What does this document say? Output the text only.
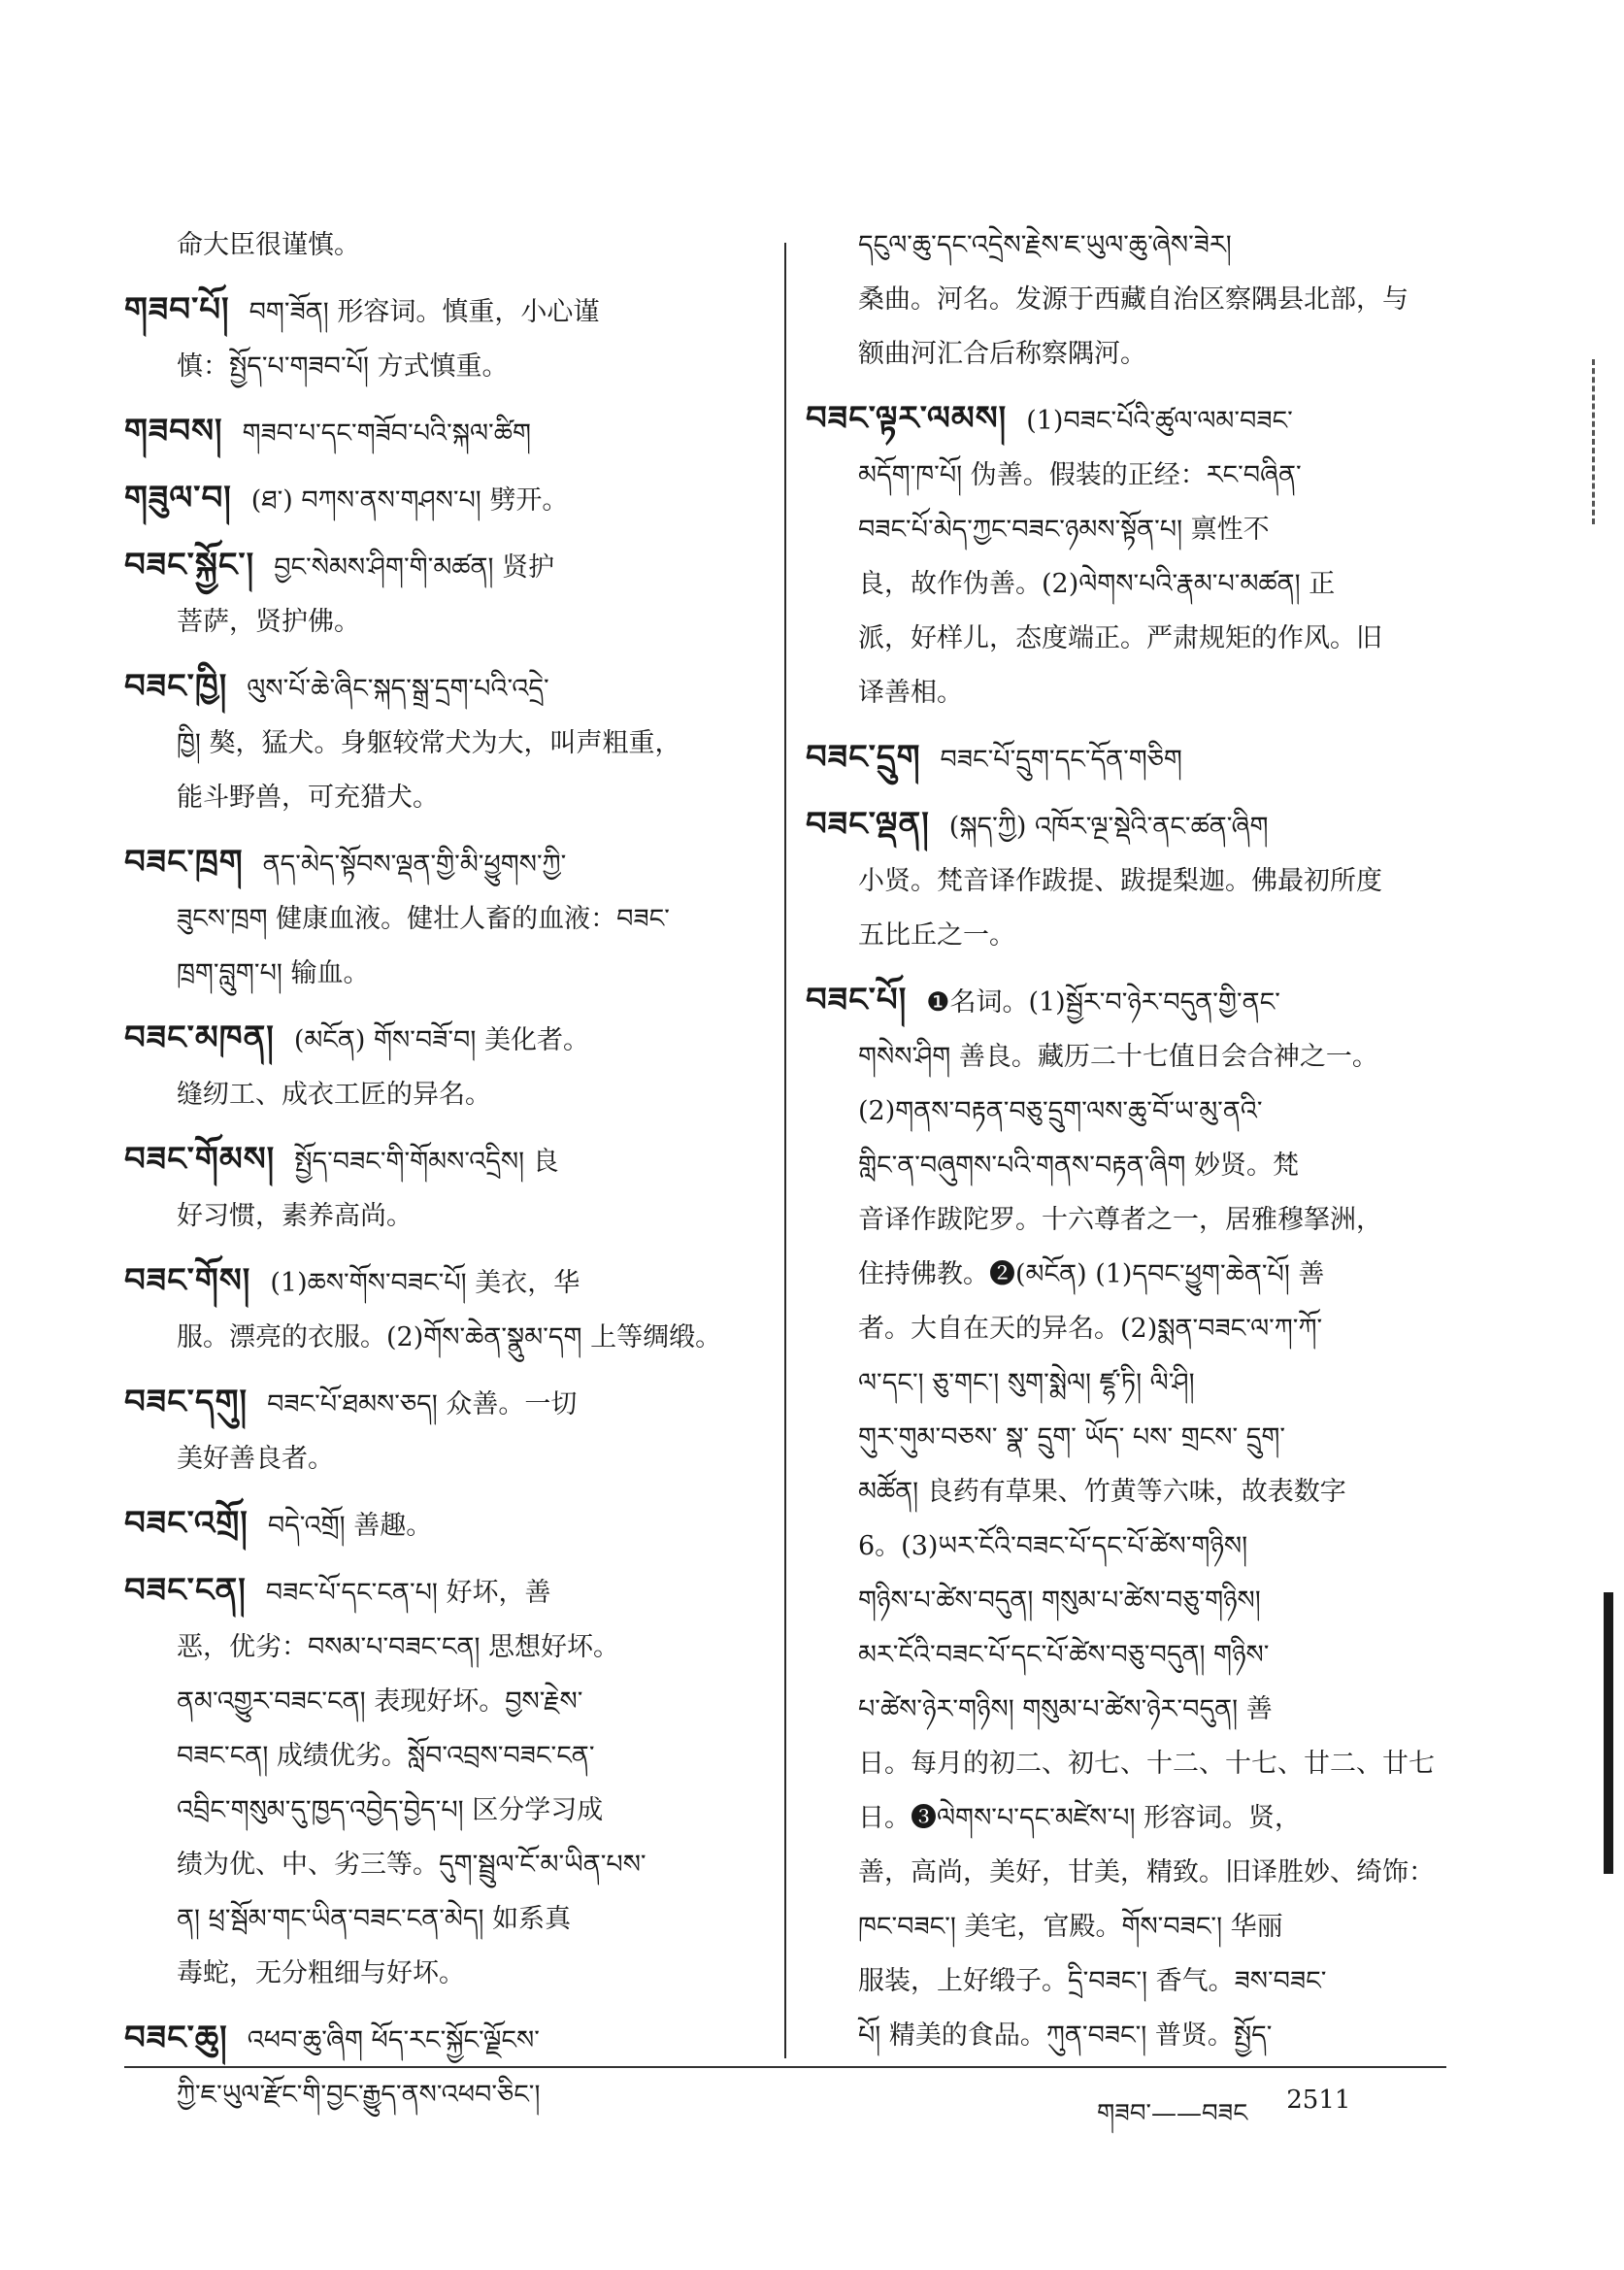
命大臣很谨慎。
གཟབ་པོ། བག་ཟོན། 形容词。慎重，小心谨
慎：སྤྱོད་པ་གཟབ་པོ། 方式慎重。
གཟབས། གཟབ་པ་དང་གཟོབ་པའི་སྐལ་ཚིག
གཟུལ་བ། (ཐ་) བཀས་ནས་གཤས་པ། 劈开。
བཟང་སྐྱོང་། བྱང་སེམས་ཤིག་གི་མཚན། 贤护
菩萨，贤护佛。
བཟང་ཁྱི། ལུས་པོ་ཆེ་ཞིང་སྐད་སྒྲ་དྲག་པའི་འདྲེ་
ཁྱི། 獒，猛犬。身躯较常犬为大，叫声粗重，
能斗野兽，可充猎犬。
བཟང་ཁྲག ནད་མེད་སྟོབས་ལྡན་གྱི་མི་ཕྱུགས་ཀྱི་
ཟུངས་ཁྲག 健康血液。健壮人畜的血液：བཟང་
ཁྲག་བླུག་པ། 输血。
བཟང་མཁན། (མངོན) གོས་བཟོ་བ། 美化者。
缝纫工、成衣工匠的异名。
བཟང་གོམས། སྤྱོད་བཟང་གི་གོམས་འདྲིས། 良
好习惯，素养高尚。
བཟང་གོས། (1)ཆས་གོས་བཟང་པོ། 美衣，华
服。漂亮的衣服。(2)གོས་ཆེན་སྣུམ་དག 上等绸缎。
བཟང་དགུ། བཟང་པོ་ཐམས་ཅད། 众善。一切
美好善良者。
བཟང་འགྲོ། བདེ་འགྲོ། 善趣。
བཟང་ངན། བཟང་པོ་དང་ངན་པ། 好坏，善
恶，优劣：བསམ་པ་བཟང་ངན། 思想好坏。
ནམ་འགྱུར་བཟང་ངན། 表现好坏。བྱས་རྗེས་
བཟང་ངན། 成绩优劣。སློབ་འབྲས་བཟང་ངན་
འབྲིང་གསུམ་དུ་ཁྱད་འབྱེད་བྱེད་པ། 区分学习成
绩为优、中、劣三等。དུག་སྦྲུལ་ངོ་མ་ཡིན་པས་
ན། ཕྲ་སྦོམ་གང་ཡིན་བཟང་ངན་མེད། 如系真
毒蛇，无分粗细与好坏。
བཟང་ཆུ། འཕབ་ཆུ་ཞིག ཕོད་རང་སྐྱོང་ལྗོངས་
ཀྱི་ཇ་ཡུལ་རྫོང་གི་བྱང་རྒྱུད་ནས་འཕབ་ཅིང་།
དངུལ་ཆུ་དང་འདྲེས་རྗེས་ཇ་ཡུལ་ཆུ་ཞེས་ཟེར།
桑曲。河名。发源于西藏自治区察隅县北部，与
额曲河汇合后称察隅河。
བཟང་ལྟར་ལམས། (1)བཟང་པོའི་ཚུལ་ལམ་བཟང་
མདོག་ཁ་པོ། 伪善。假装的正经：རང་བཞིན་
བཟང་པོ་མེད་ཀྱང་བཟང་ཉམས་སྟོན་པ། 禀性不
良，故作伪善。(2)ལེགས་པའི་རྣམ་པ་མཚན། 正
派，好样儿，态度端正。严肃规矩的作风。旧
译善相。
བཟང་དྲུག བཟང་པོ་དྲུག་དང་དོན་གཅིག
བཟང་ལྡན། (སྐད་ཀྱི) འཁོར་ལྔ་སྡེའི་ནང་ཚན་ཞིག
小贤。梵音译作跋提、跋提梨迦。佛最初所度
五比丘之一。
བཟང་པོ། ❶名词。(1)སྦྱོར་བ་ཉེར་བདུན་གྱི་ནང་
གསེས་ཤིག 善良。藏历二十七值日会合神之一。
(2)གནས་བརྟན་བཅུ་དྲུག་ལས་ཆུ་བོ་ཡ་མུ་ནའི་
གླིང་ན་བཞུགས་པའི་གནས་བརྟན་ཞིག 妙贤。梵
音译作跋陀罗。十六尊者之一，居雅穆拏洲，
住持佛教。❷(མངོན) (1)དབང་ཕྱུག་ཆེན་པོ། 善
者。大自在天的异名。(2)སྨན་བཟང་ལ་ཀ་ཀོ་
ལ་དང་། ཅུ་གང་། སུག་སྨེལ། ཛྷ་ཏི། ལི་ཤི།
གུར་གུམ་བཅས་ སྣ་ དྲུག་ ཡོད་ པས་ གྲངས་ དྲུག་
མཚོན། 良药有草果、竹黄等六味，故表数字
6。(3)ཡར་ངོའི་བཟང་པོ་དང་པོ་ཚེས་གཉིས།
གཉིས་པ་ཚེས་བདུན། གསུམ་པ་ཚེས་བཅུ་གཉིས།
མར་ངོའི་བཟང་པོ་དང་པོ་ཚེས་བཅུ་བདུན། གཉིས་
པ་ཚེས་ཉེར་གཉིས། གསུམ་པ་ཚེས་ཉེར་བདུན། 善
日。每月的初二、初七、十二、十七、廿二、廿七
日。❸ལེགས་པ་དང་མཛེས་པ། 形容词。贤，
善，高尚，美好，甘美，精致。旧译胜妙、绮饰：
ཁང་བཟང་། 美宅，官殿。གོས་བཟང་། 华丽
服装，上好缎子。དྲི་བཟང་། 香气。ཟས་བཟང་
པོ། 精美的食品。ཀུན་བཟང་། 普贤。སྤྱོད་
གཟབ་——བཟང 2511
